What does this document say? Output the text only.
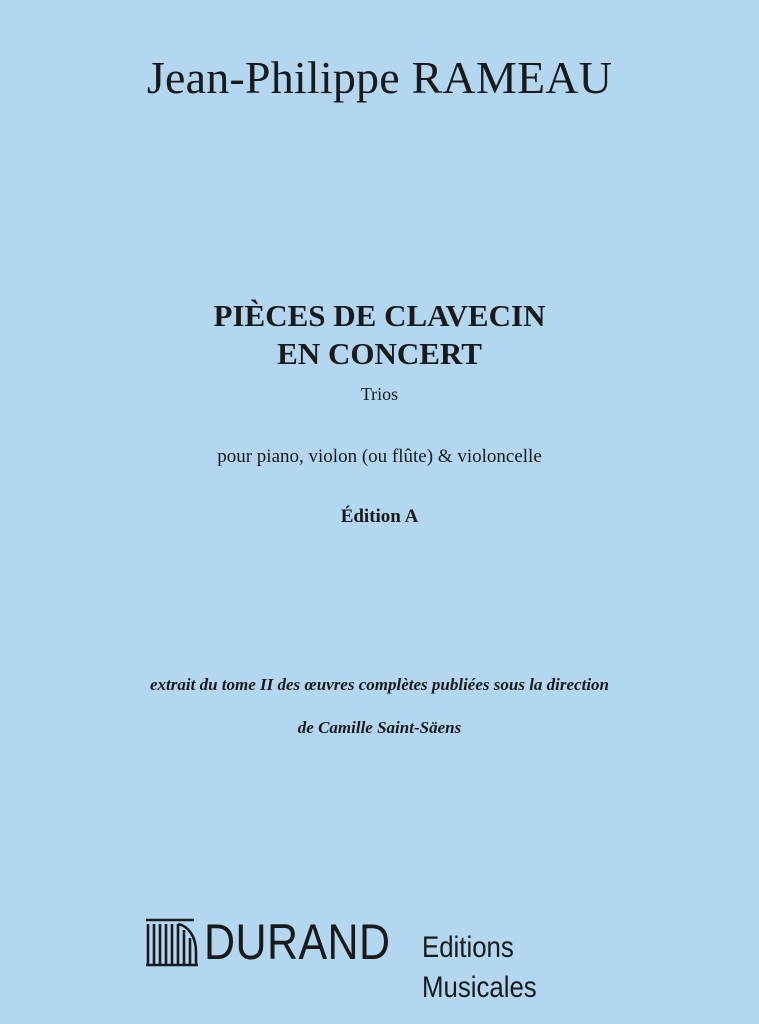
Jean-Philippe RAMEAU
PIÈCES DE CLAVECIN
EN CONCERT
Trios
pour piano, violon (ou flûte) & violoncelle
Édition A
extrait du tome II des œuvres complètes publiées sous la direction
de Camille Saint-Säens
DURAND Editions Musicales
